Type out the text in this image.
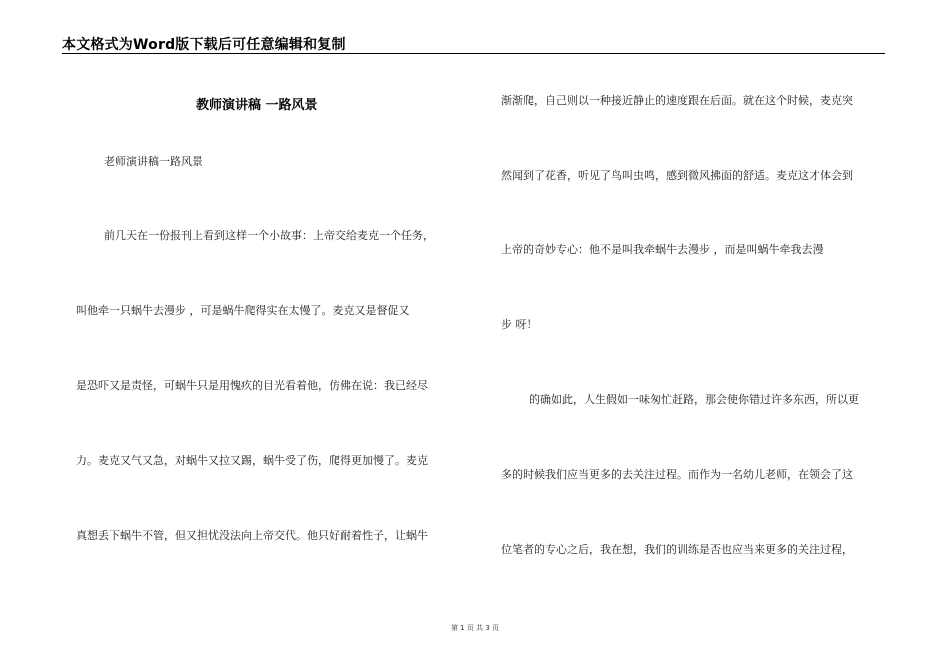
本文格式为Word版下载后可任意编辑和复制
教师演讲稿 一路风景
老师演讲稿一路风景
前几天在一份报刊上看到这样一个小故事：上帝交给麦克一个任务，
叫他牵一只蜗牛去漫步 ，可是蜗牛爬得实在太慢了。麦克又是督促又
是恐吓又是责怪，可蜗牛只是用愧疚的目光看着他，仿佛在说：我已经尽
力。麦克又气又急，对蜗牛又拉又踢，蜗牛受了伤，爬得更加慢了。麦克
真想丢下蜗牛不管，但又担忧没法向上帝交代。他只好耐着性子，让蜗牛
渐渐爬，自己则以一种接近静止的速度跟在后面。就在这个时候，麦克突
然闻到了花香，听见了鸟叫虫鸣，感到微风拂面的舒适。麦克这才体会到
上帝的奇妙专心：他不是叫我牵蜗牛去漫步 ，而是叫蜗牛牵我去漫
步 呀！
的确如此，人生假如一味匆忙赶路，那会使你错过许多东西，所以更
多的时候我们应当更多的去关注过程。而作为一名幼儿老师，在领会了这
位笔者的专心之后，我在想，我们的训练是否也应当来更多的关注过程，
第 1 页 共 3 页
